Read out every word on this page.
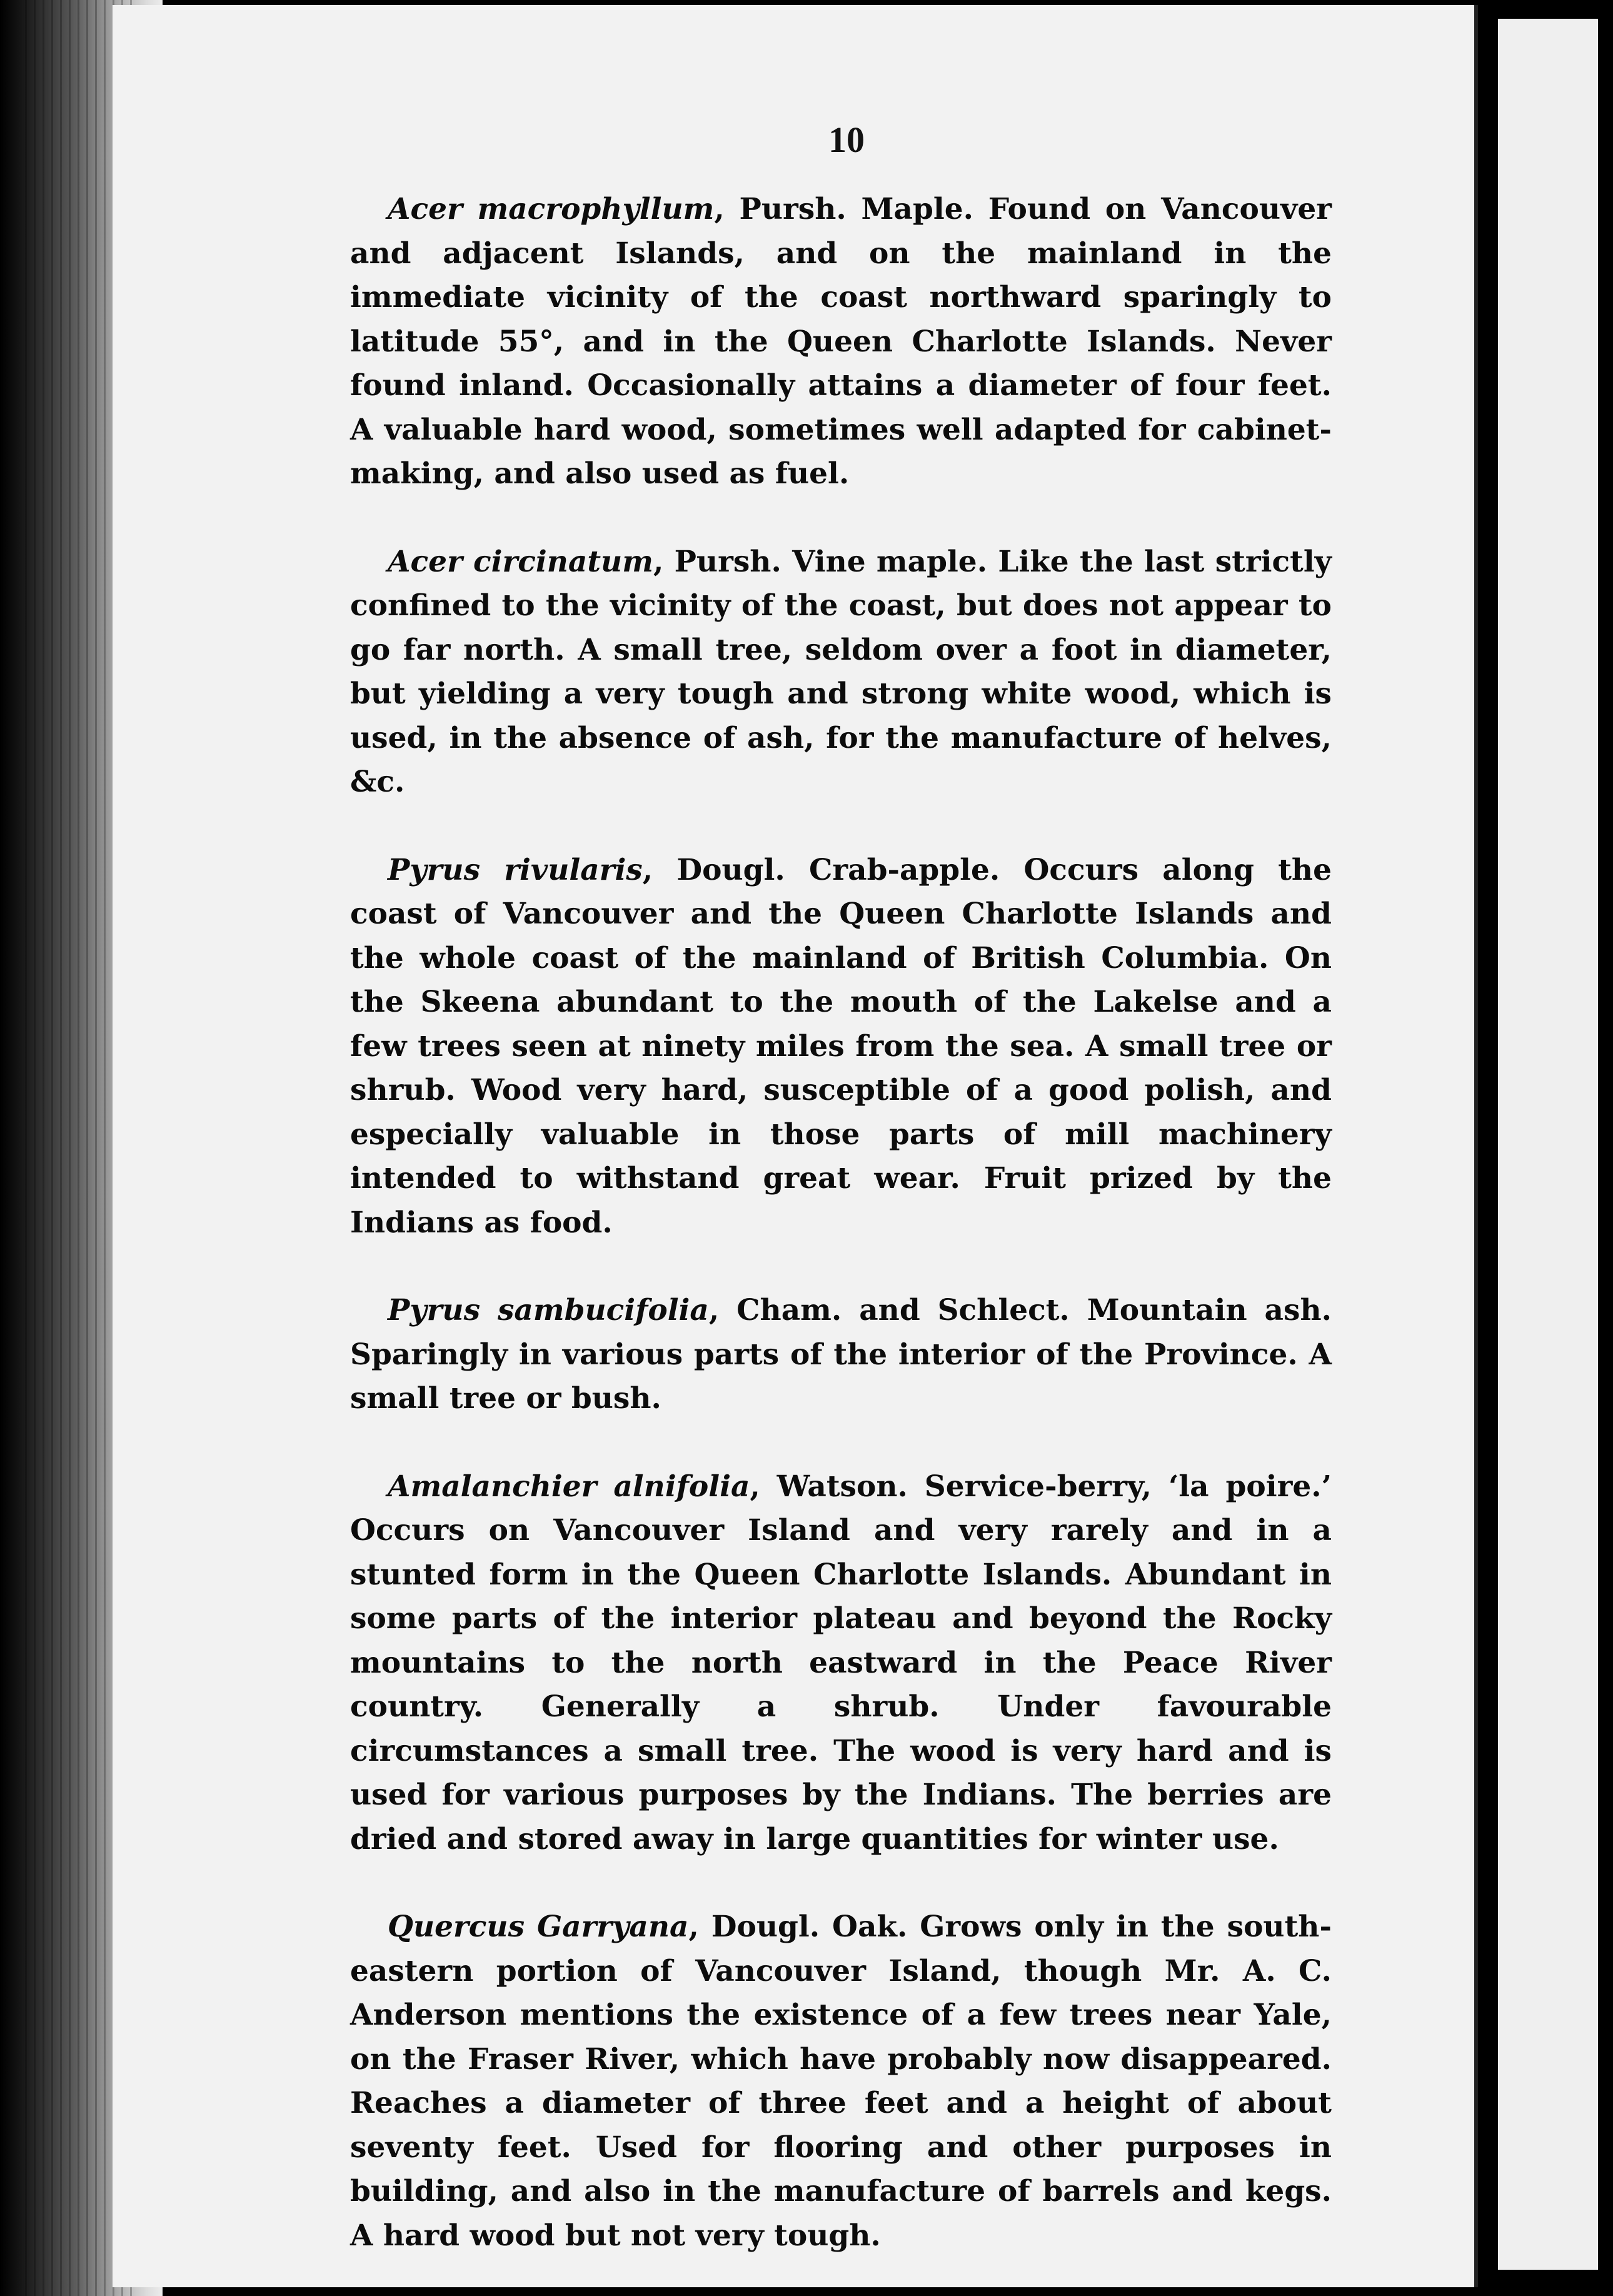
10

Acer macrophyllum, Pursh. Maple. Found on Vancouver and adjacent Islands, and on the mainland in the immediate vicinity of the coast northward sparingly to latitude 55°, and in the Queen Charlotte Islands. Never found inland. Occasionally attains a diameter of four feet. A valuable hard wood, sometimes well adapted for cabinet-making, and also used as fuel.

Acer circinatum, Pursh. Vine maple. Like the last strictly confined to the vicinity of the coast, but does not appear to go far north. A small tree, seldom over a foot in diameter, but yielding a very tough and strong white wood, which is used, in the absence of ash, for the manufacture of helves, &c.

Pyrus rivularis, Dougl. Crab-apple. Occurs along the coast of Vancouver and the Queen Charlotte Islands and the whole coast of the mainland of British Columbia. On the Skeena abundant to the mouth of the Lakelse and a few trees seen at ninety miles from the sea. A small tree or shrub. Wood very hard, susceptible of a good polish, and especially valuable in those parts of mill machinery intended to withstand great wear. Fruit prized by the Indians as food.

Pyrus sambucifolia, Cham. and Schlect. Mountain ash. Sparingly in various parts of the interior of the Province. A small tree or bush.

Amalanchier alnifolia, Watson. Service-berry, ‘la poire.’ Occurs on Vancouver Island and very rarely and in a stunted form in the Queen Charlotte Islands. Abundant in some parts of the interior plateau and beyond the Rocky mountains to the north eastward in the Peace River country. Generally a shrub. Under favourable circumstances a small tree. The wood is very hard and is used for various purposes by the Indians. The berries are dried and stored away in large quantities for winter use.

Quercus Garryana, Dougl. Oak. Grows only in the south-eastern portion of Vancouver Island, though Mr. A. C. Anderson mentions the existence of a few trees near Yale, on the Fraser River, which have probably now disappeared. Reaches a diameter of three feet and a height of about seventy feet. Used for flooring and other purposes in building, and also in the manufacture of barrels and kegs. A hard wood but not very tough.
